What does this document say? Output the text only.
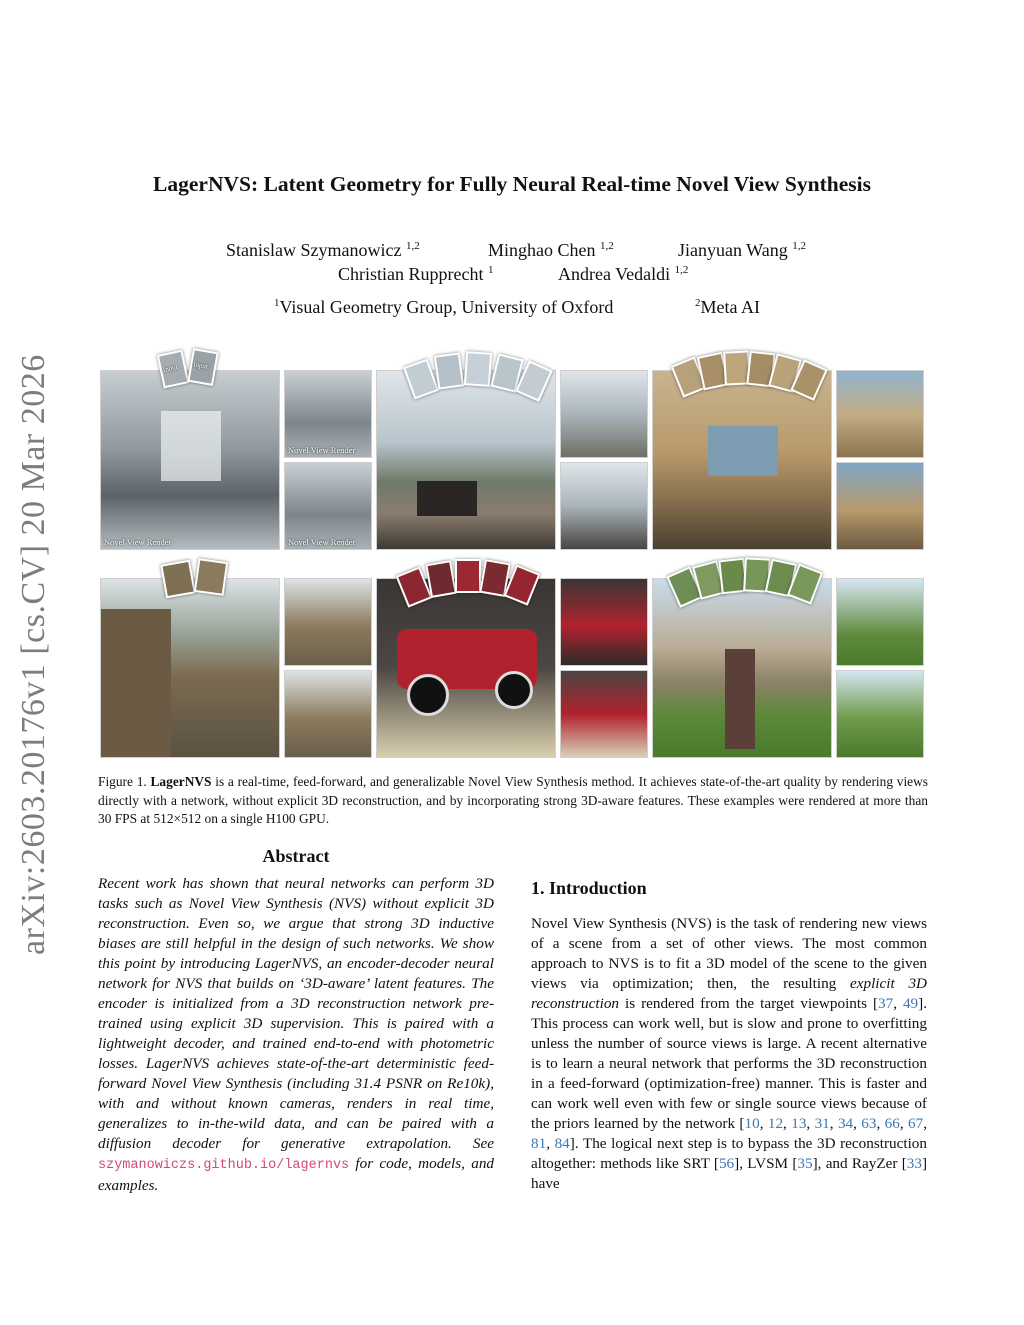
arXiv:2603.20176v1 [cs.CV] 20 Mar 2026
LagerNVS: Latent Geometry for Fully Neural Real-time Novel View Synthesis
Stanislaw Szymanowicz $^{1,2}$	Minghao Chen $^{1,2}$	Jianyuan Wang $^{1,2}$
Christian Rupprecht $^1$	Andrea Vedaldi $^{1,2}$
$^1$Visual Geometry Group, University of Oxford	$^2$Meta AI
Novel View Render
Input Input
Novel View Render
Novel View Render
Figure 1. LagerNVS is a real-time, feed-forward, and generalizable Novel View Synthesis method. It achieves state-of-the-art quality by rendering views directly with a network, without explicit 3D reconstruction, and by incorporating strong 3D-aware features. These examples were rendered at more than 30 FPS at 512×512 on a single H100 GPU.
Abstract
Recent work has shown that neural networks can perform 3D tasks such as Novel View Synthesis (NVS) without explicit 3D reconstruction. Even so, we argue that strong 3D inductive biases are still helpful in the design of such networks. We show this point by introducing LagerNVS, an encoder-decoder neural network for NVS that builds on ‘3D-aware’ latent features. The encoder is initialized from a 3D reconstruction network pre-trained using explicit 3D supervision. This is paired with a lightweight decoder, and trained end-to-end with photometric losses. LagerNVS achieves state-of-the-art deterministic feed-forward Novel View Synthesis (including 31.4 PSNR on Re10k), with and without known cameras, renders in real time, generalizes to in-the-wild data, and can be paired with a diffusion decoder for generative extrapolation. See szymanowiczs.github.io/lagernvs for code, models, and examples.
1. Introduction
Novel View Synthesis (NVS) is the task of rendering new views of a scene from a set of other views. The most common approach to NVS is to fit a 3D model of the scene to the given views via optimization; then, the resulting explicit 3D reconstruction is rendered from the target viewpoints [37, 49]. This process can work well, but is slow and prone to overfitting unless the number of source views is large. A recent alternative is to learn a neural network that performs the 3D reconstruction in a feed-forward (optimization-free) manner. This is faster and can work well even with few or single source views because of the priors learned by the network [10, 12, 13, 31, 34, 63, 66, 67, 81, 84]. The logical next step is to bypass the 3D reconstruction altogether: methods like SRT [56], LVSM [35], and RayZer [33] have
